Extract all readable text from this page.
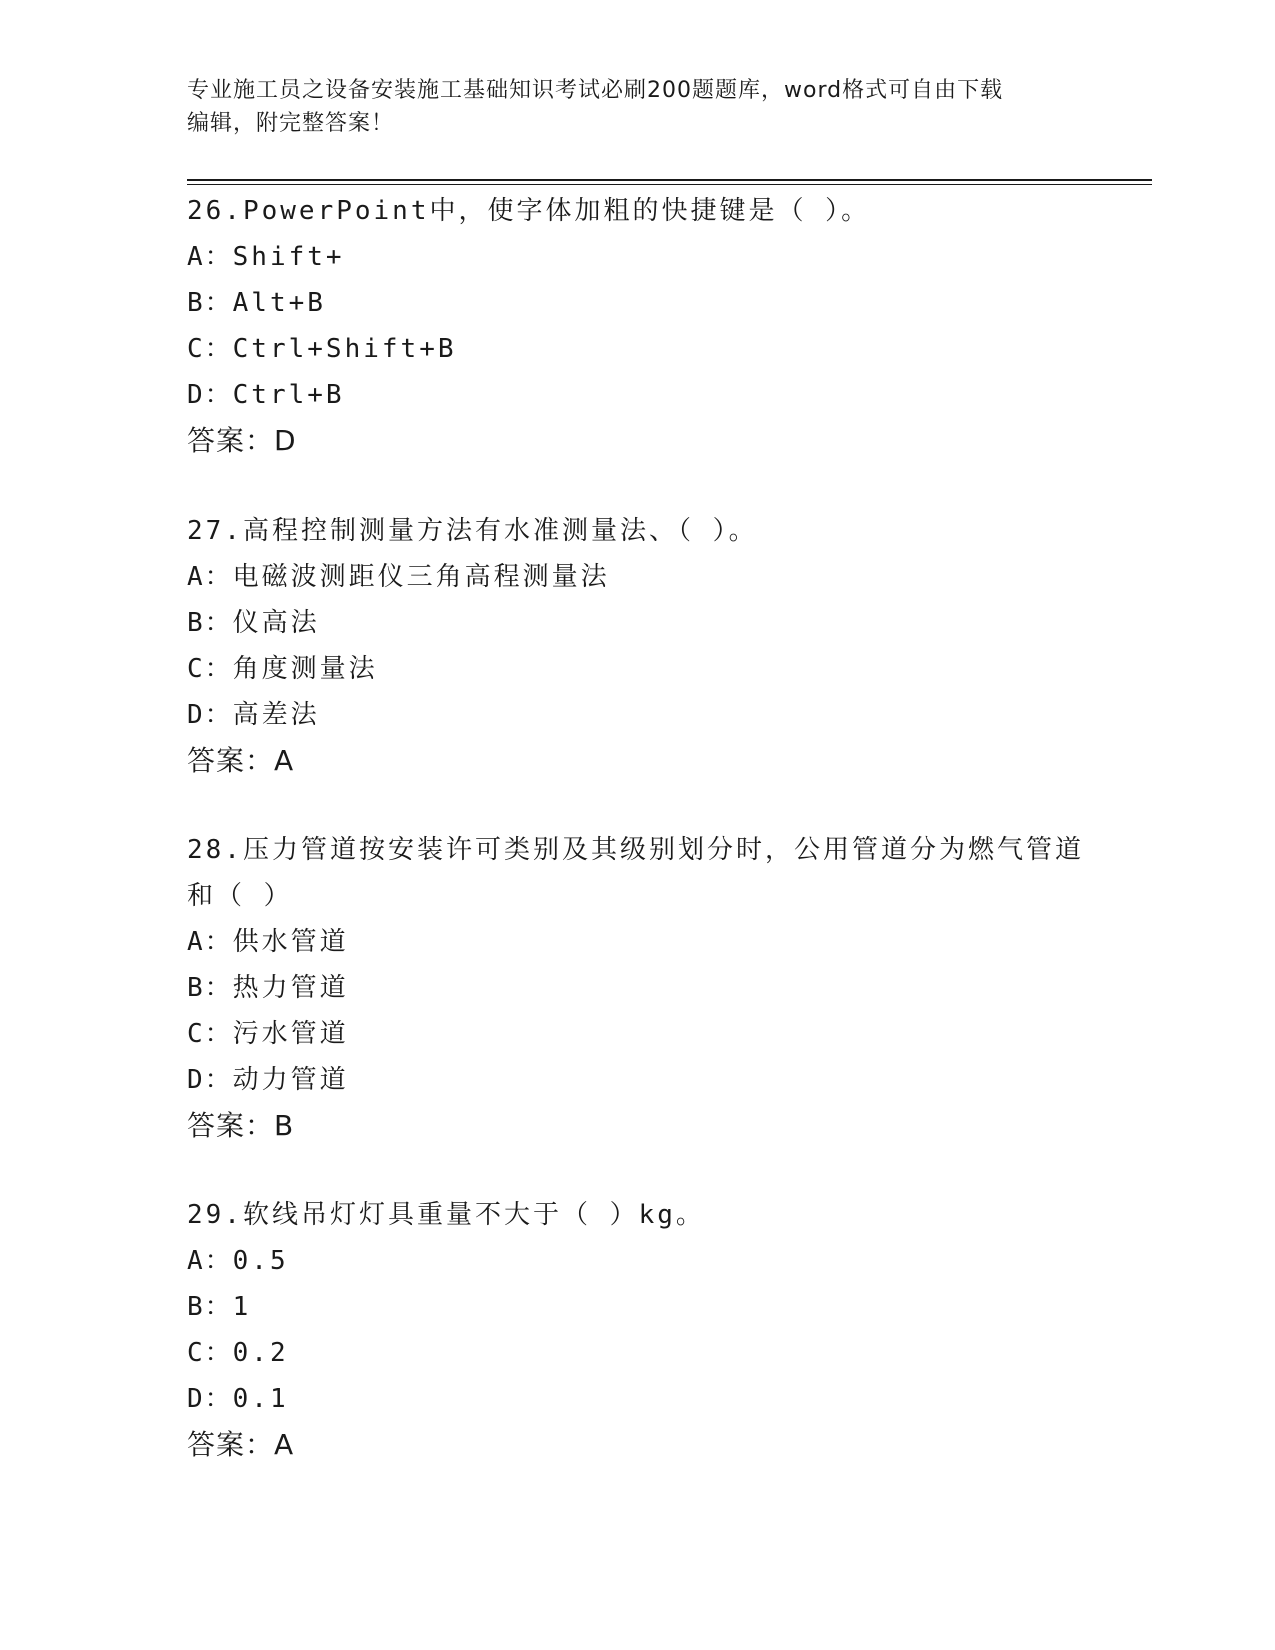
专业施工员之设备安装施工基础知识考试必刷200题题库，word格式可自由下载
编辑，附完整答案！
26.PowerPoint中，使字体加粗的快捷键是（ ）。
A：Shift+
B：Alt+B
C：Ctrl+Shift+B
D：Ctrl+B
答案：D
27.高程控制测量方法有水准测量法、（ ）。
A：电磁波测距仪三角高程测量法
B：仪高法
C：角度测量法
D：高差法
答案：A
28.压力管道按安装许可类别及其级别划分时，公用管道分为燃气管道
和（ ）
A：供水管道
B：热力管道
C：污水管道
D：动力管道
答案：B
29.软线吊灯灯具重量不大于（ ）kg。
A：0.5
B：1
C：0.2
D：0.1
答案：A
